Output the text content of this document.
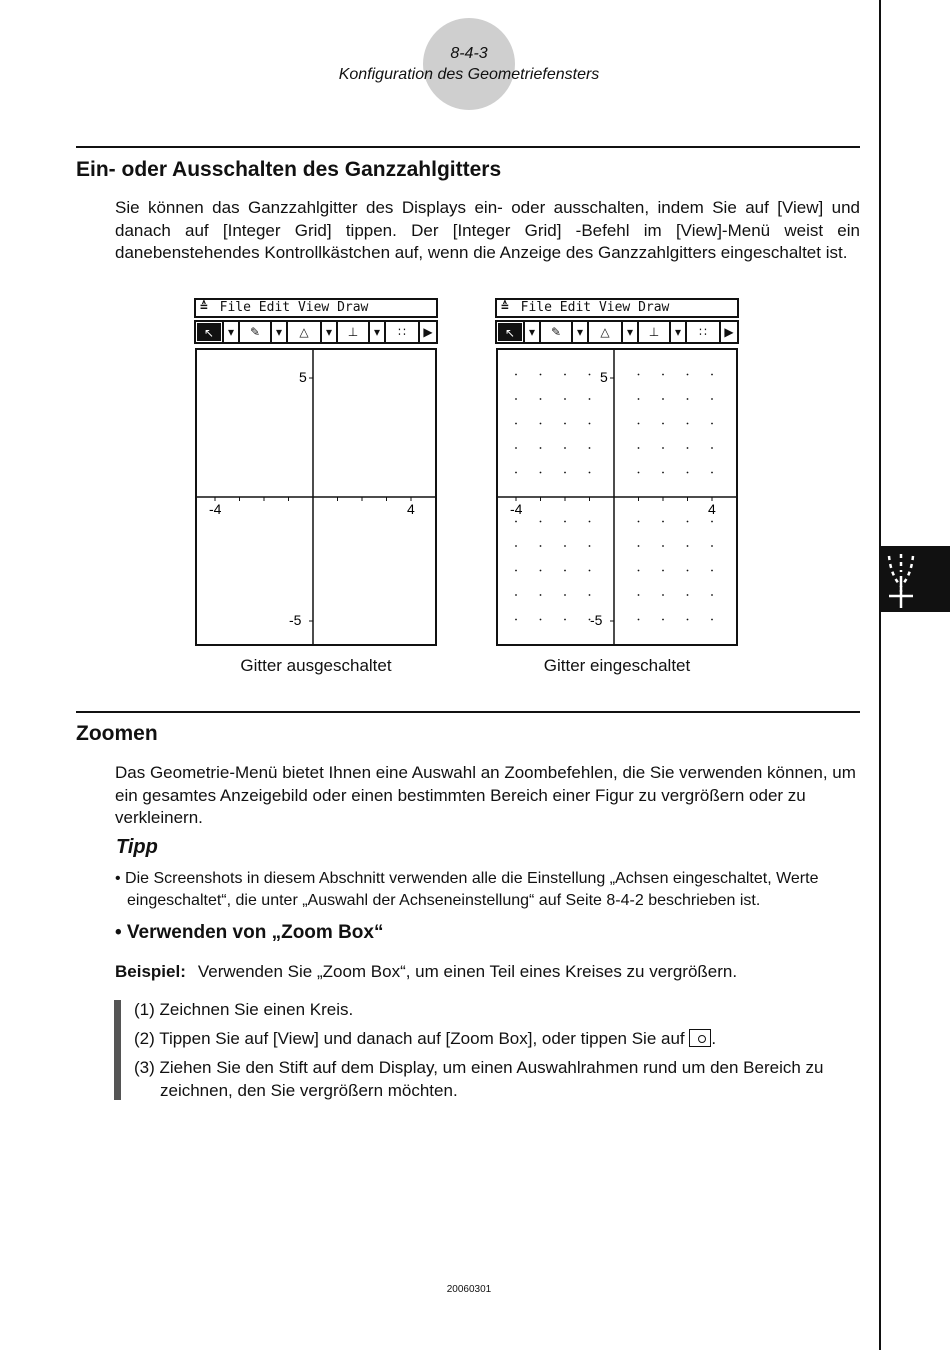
8-4-3
Konfiguration des Geometriefensters
Ein- oder Ausschalten des Ganzzahlgitters
Sie können das Ganzzahlgitter des Displays ein- oder ausschalten, indem Sie auf [View] und danach auf [Integer Grid] tippen. Der [Integer Grid] -Befehl im [View]-Menü weist ein danebenstehendes Kontrollkästchen auf, wenn die Anzeige des Ganzzahlgitters eingeschaltet ist.
≙ File Edit View Draw
↖	▾	✎	▾	△	▾	⊥	▾	∷	▶
5
-5
-4	4
Gitter ausgeschaltet
≙ File Edit View Draw
↖	▾	✎	▾	△	▾	⊥	▾	∷	▶
5
-5
-4	4
Gitter eingeschaltet
Zoomen
Das Geometrie-Menü bietet Ihnen eine Auswahl an Zoombefehlen, die Sie verwenden können, um ein gesamtes Anzeigebild oder einen bestimmten Bereich einer Figur zu vergrößern oder zu verkleinern.
Tipp
• Die Screenshots in diesem Abschnitt verwenden alle die Einstellung „Achsen eingeschaltet, Werte eingeschaltet“, die unter „Auswahl der Achseneinstellung“ auf Seite 8-4-2 beschrieben ist.
• Verwenden von „Zoom Box“
Beispiel: Verwenden Sie „Zoom Box“, um einen Teil eines Kreises zu vergrößern.
(1) Zeichnen Sie einen Kreis.
(2) Tippen Sie auf [View] und danach auf [Zoom Box], oder tippen Sie auf .
(3) Ziehen Sie den Stift auf dem Display, um einen Auswahlrahmen rund um den Bereich zu zeichnen, den Sie vergrößern möchten.
20060301
